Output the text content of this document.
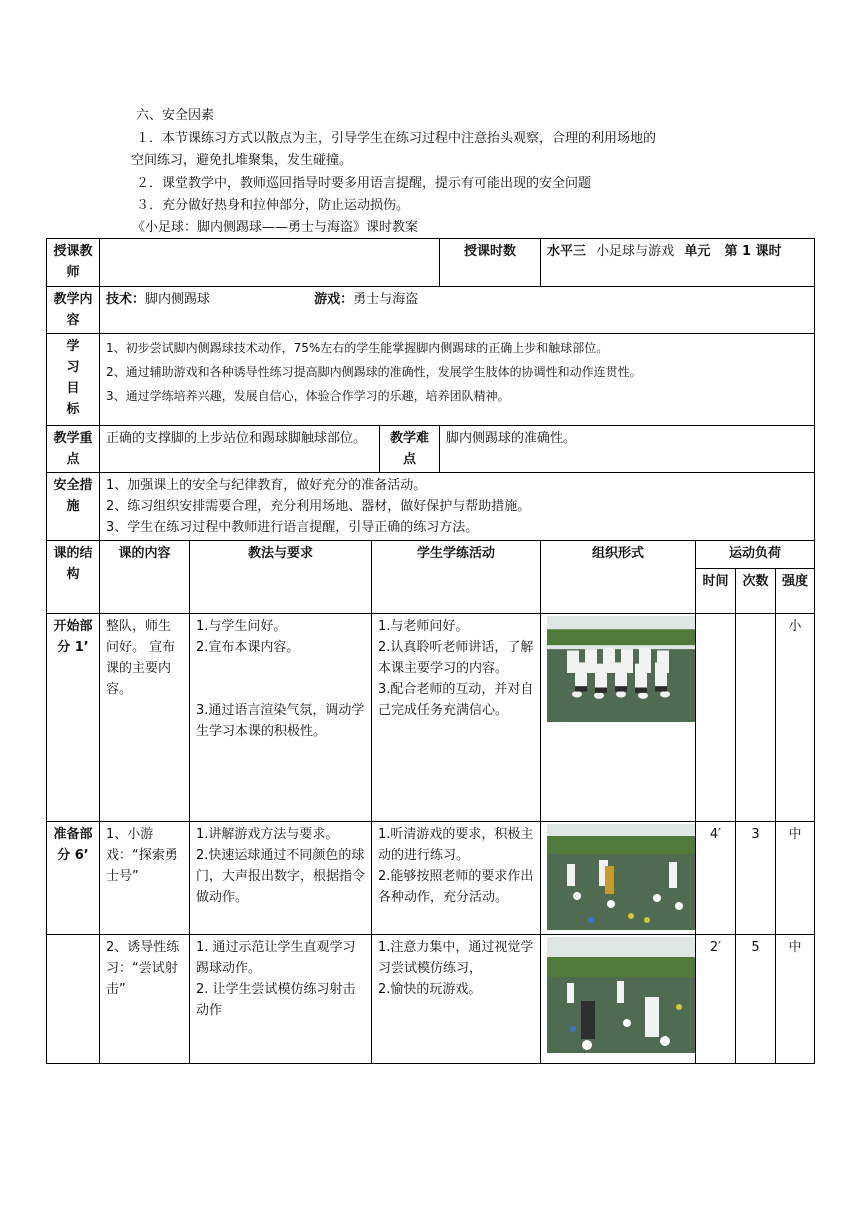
六、安全因素
１．本节课练习方式以散点为主，引导学生在练习过程中注意抬头观察，合理的利用场地的
空间练习，避免扎堆聚集，发生碰撞。
２．课堂教学中，教师巡回指导时要多用语言提醒，提示有可能出现的安全问题
３．充分做好热身和拉伸部分，防止运动损伤。
《小足球：脚内侧踢球——勇士与海盗》课时教案
授课教师					授课时数	水平三 小足球与游戏 单元 第 1 课时			
教学内容	技术：脚内侧踢球 游戏：勇士与海盗								

学
习
目
标	1、初步尝试脚内侧踢球技术动作，75%左右的学生能掌握脚内侧踢球的正确上步和触球部位。
2、通过辅助游戏和各种诱导性练习提高脚内侧踢球的准确性，发展学生肢体的协调性和动作连贯性。
3、通过学练培养兴趣，发展自信心，体验合作学习的乐趣，培养团队精神。								

教学重点	正确的支撑脚的上步站位和踢球脚触球部位。			教学难点	脚内侧踢球的准确性。				
安全措施	1、加强课上的安全与纪律教育，做好充分的准备活动。
2、练习组织安排需要合理，充分利用场地、器材，做好保护与帮助措施。
3、学生在练习过程中教师进行语言提醒，引导正确的练习方法。								

课的结构	课的内容	教法与要求	学生学练活动			组织形式	运动负荷		
							时间	次数	强度
开始部分 1’	整队，师生问好。 宣布课的主要内容。	1.与学生问好。
2.宣布本课内容。
3.通过语言渲染气氛，调动学生学习本课的积极性。	1.与老师问好。
2.认真聆听老师讲话，了解本课主要学习的内容。
3.配合老师的互动，并对自己完成任务充满信心。						小
准备部分 6’	1、小游戏：“探索勇士号”	1.讲解游戏方法与要求。
2.快速运球通过不同颜色的球门，大声报出数字，根据指令做动作。	1.听清游戏的要求，积极主动的进行练习。
2.能够按照老师的要求作出各种动作，充分活动。				4′	3	中
	2、诱导性练习：“尝试射击”	1. 通过示范让学生直观学习踢球动作。
2. 让学生尝试模仿练习射击动作	1.注意力集中，通过视觉学习尝试模仿练习，
2.愉快的玩游戏。				2′	5	中
